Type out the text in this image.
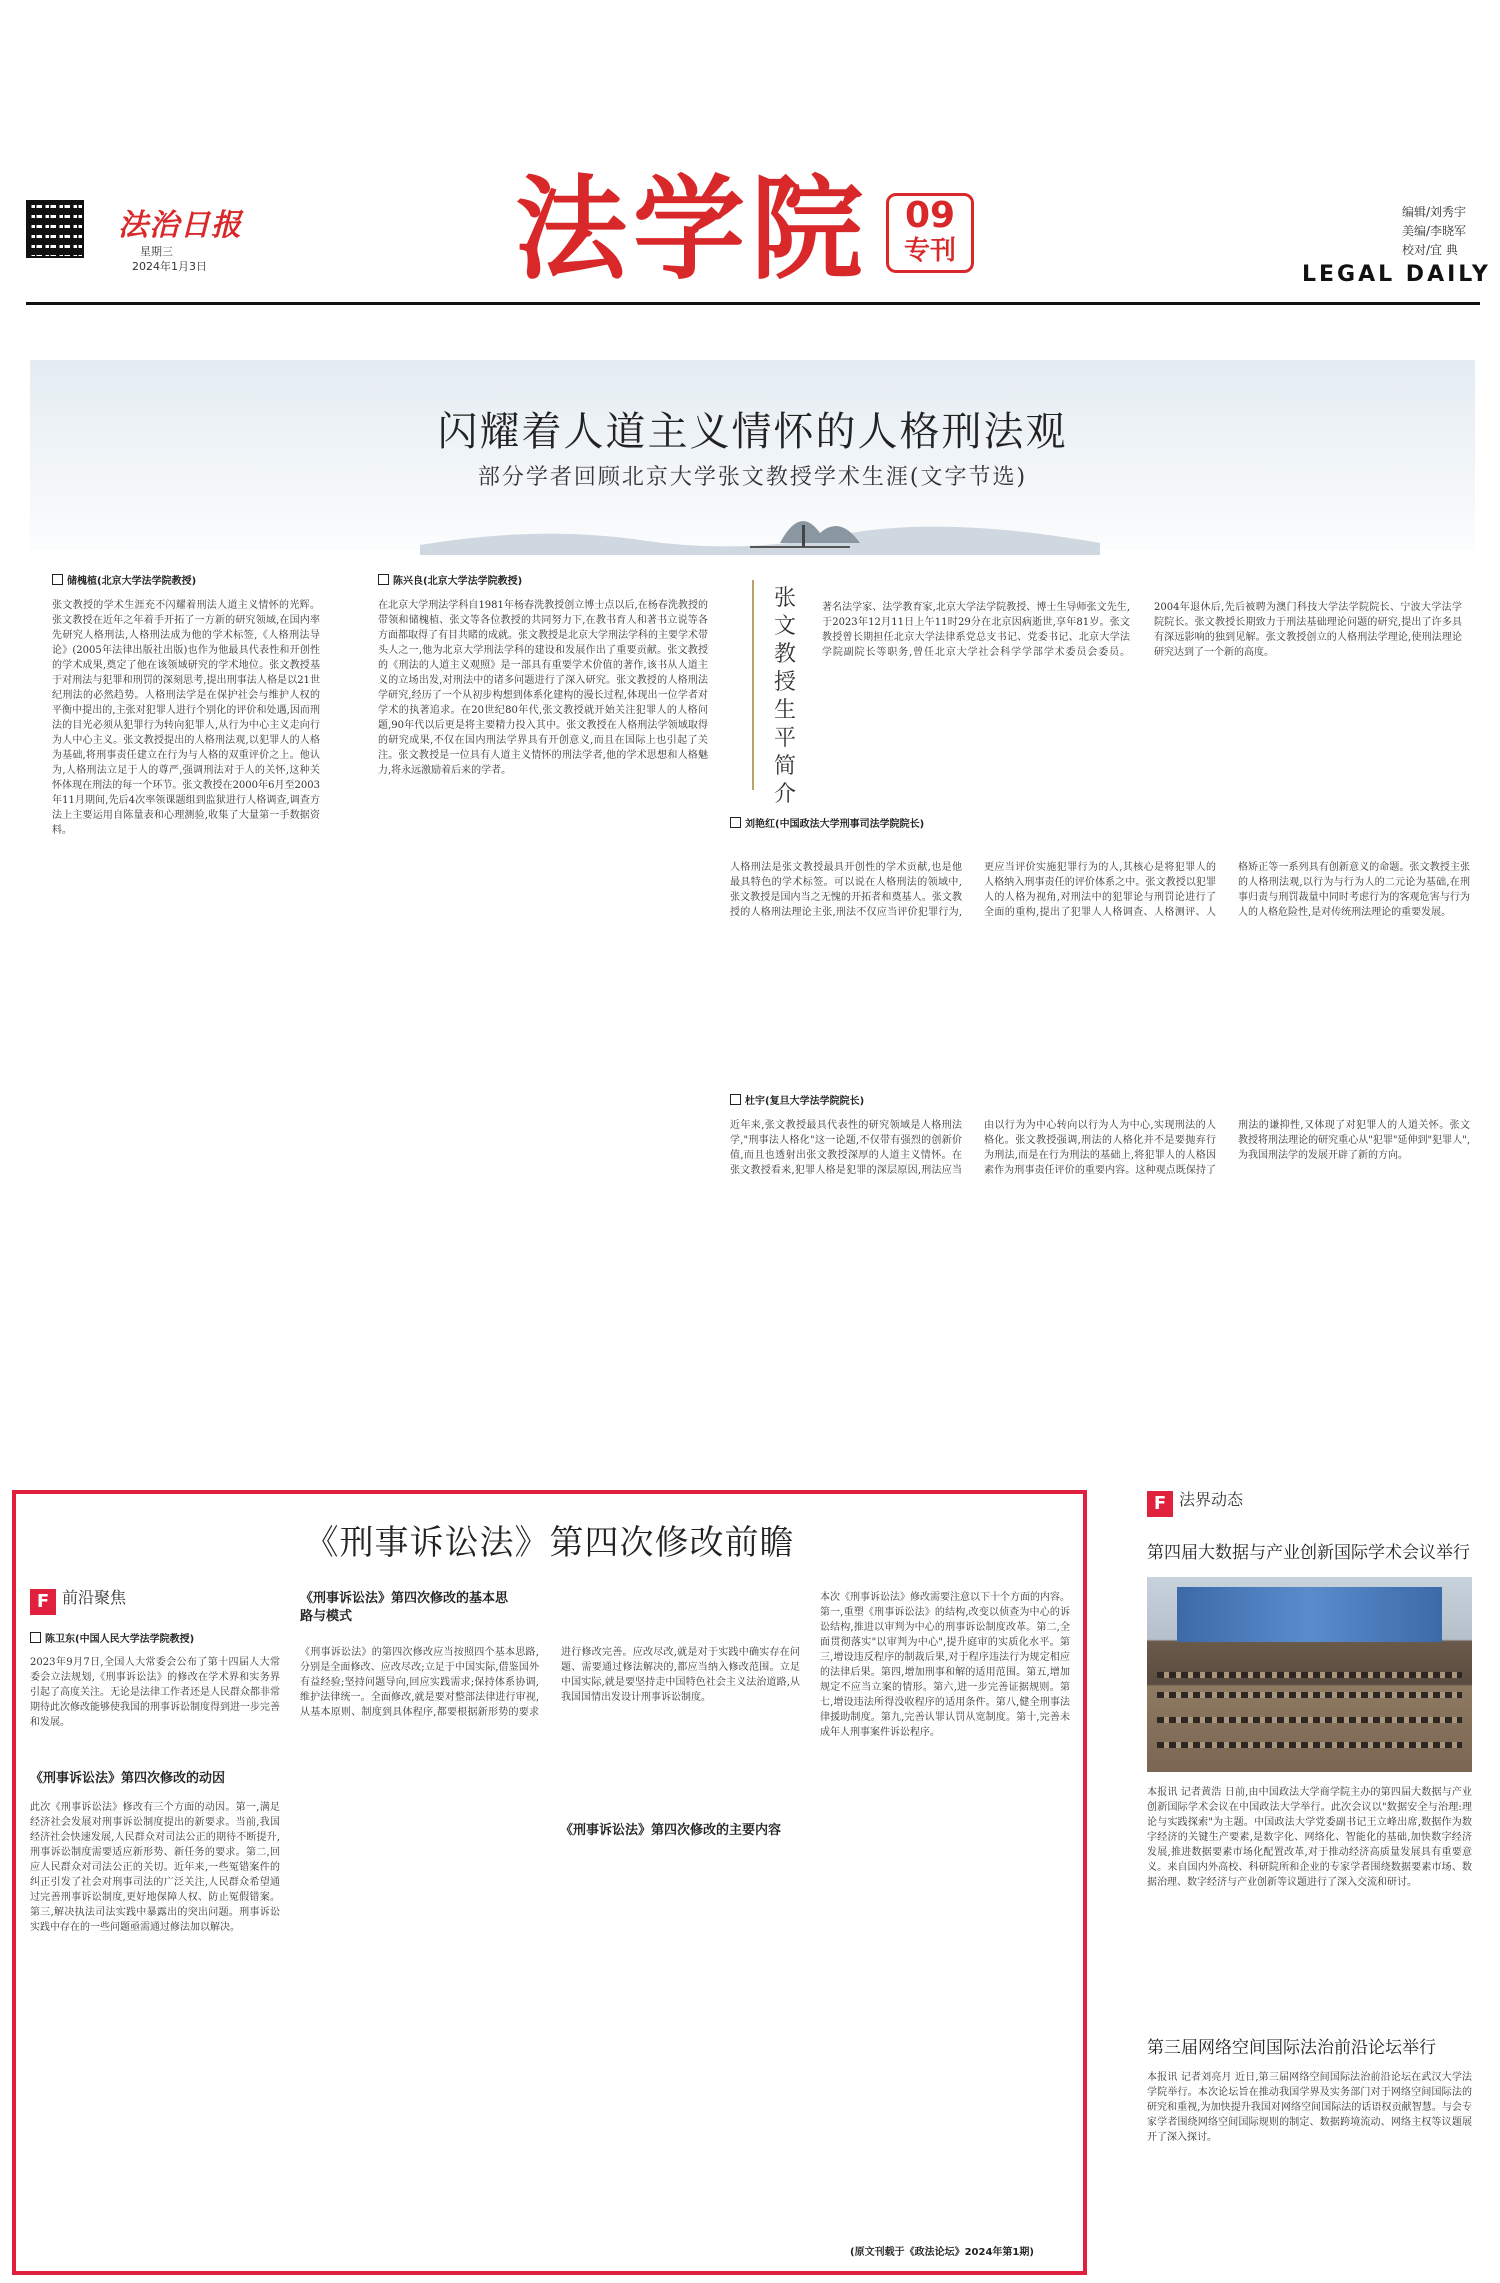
法治日报
星期三
2024年1月3日	法学院 09
专刊
编辑/刘秀宇
美编/李晓军
校对/宜 典
LEGAL DAILY
闪耀着人道主义情怀的人格刑法观
部分学者回顾北京大学张文教授学术生涯(文字节选)
储槐植(北京大学法学院教授)
张文教授的学术生涯充不闪耀着刑法人道主义情怀的光辉。张文教授在近年之年着手开拓了一方新的研究领域,在国内率先研究人格刑法,人格刑法成为他的学术标签,《人格刑法导论》(2005年法律出版社出版)也作为他最具代表性和开创性的学术成果,奠定了他在该领域研究的学术地位。张文教授基于对刑法与犯罪和刑罚的深刻思考,提出刑事法人格是以21世纪刑法的必然趋势。人格刑法学是在保护社会与维护人权的平衡中提出的,主张对犯罪人进行个别化的评价和处遇,因而刑法的目光必须从犯罪行为转向犯罪人,从行为中心主义走向行为人中心主义。张文教授提出的人格刑法观,以犯罪人的人格为基础,将刑事责任建立在行为与人格的双重评价之上。他认为,人格刑法立足于人的尊严,强调刑法对于人的关怀,这种关怀体现在刑法的每一个环节。张文教授在2000年6月至2003年11月期间,先后4次率领课题组到监狱进行人格调查,调查方法上主要运用自陈量表和心理测验,收集了大量第一手数据资料。
陈兴良(北京大学法学院教授)
在北京大学刑法学科自1981年杨春洗教授创立博士点以后,在杨春洗教授的带领和储槐植、张文等各位教授的共同努力下,在教书育人和著书立说等各方面都取得了有目共睹的成就。张文教授是北京大学刑法学科的主要学术带头人之一,他为北京大学刑法学科的建设和发展作出了重要贡献。张文教授的《刑法的人道主义观照》是一部具有重要学术价值的著作,该书从人道主义的立场出发,对刑法中的诸多问题进行了深入研究。张文教授的人格刑法学研究,经历了一个从初步构想到体系化建构的漫长过程,体现出一位学者对学术的执著追求。在20世纪80年代,张文教授就开始关注犯罪人的人格问题,90年代以后更是将主要精力投入其中。张文教授在人格刑法学领域取得的研究成果,不仅在国内刑法学界具有开创意义,而且在国际上也引起了关注。张文教授是一位具有人道主义情怀的刑法学者,他的学术思想和人格魅力,将永远激励着后来的学者。
张文教授生平简介
著名法学家、法学教育家,北京大学法学院教授、博士生导师张文先生,于2023年12月11日上午11时29分在北京因病逝世,享年81岁。张文教授曾长期担任北京大学法律系党总支书记、党委书记、北京大学法学院副院长等职务,曾任北京大学社会科学学部学术委员会委员。2004年退休后,先后被聘为澳门科技大学法学院院长、宁波大学法学院院长。张文教授长期致力于刑法基础理论问题的研究,提出了许多具有深远影响的独到见解。张文教授创立的人格刑法学理论,使刑法理论研究达到了一个新的高度。
刘艳红(中国政法大学刑事司法学院院长)
人格刑法是张文教授最具开创性的学术贡献,也是他最具特色的学术标签。可以说在人格刑法的领域中,张文教授是国内当之无愧的开拓者和奠基人。张文教授的人格刑法理论主张,刑法不仅应当评价犯罪行为,更应当评价实施犯罪行为的人,其核心是将犯罪人的人格纳入刑事责任的评价体系之中。张文教授以犯罪人的人格为视角,对刑法中的犯罪论与刑罚论进行了全面的重构,提出了犯罪人人格调查、人格测评、人格矫正等一系列具有创新意义的命题。张文教授主张的人格刑法观,以行为与行为人的二元论为基础,在刑事归责与刑罚裁量中同时考虑行为的客观危害与行为人的人格危险性,是对传统刑法理论的重要发展。
杜宇(复旦大学法学院院长)
近年来,张文教授最具代表性的研究领域是人格刑法学,"刑事法人格化"这一论题,不仅带有强烈的创新价值,而且也透射出张文教授深厚的人道主义情怀。在张文教授看来,犯罪人格是犯罪的深层原因,刑法应当由以行为为中心转向以行为人为中心,实现刑法的人格化。张文教授强调,刑法的人格化并不是要抛弃行为刑法,而是在行为刑法的基础上,将犯罪人的人格因素作为刑事责任评价的重要内容。这种观点既保持了刑法的谦抑性,又体现了对犯罪人的人道关怀。张文教授将刑法理论的研究重心从"犯罪"延伸到"犯罪人",为我国刑法学的发展开辟了新的方向。
《刑事诉讼法》第四次修改前瞻
F 前沿聚焦
陈卫东(中国人民大学法学院教授)
2023年9月7日,全国人大常委会公布了第十四届人大常委会立法规划,《刑事诉讼法》的修改在学术界和实务界引起了高度关注。无论是法律工作者还是人民群众都非常期待此次修改能够使我国的刑事诉讼制度得到进一步完善和发展。
《刑事诉讼法》第四次修改的动因
此次《刑事诉讼法》修改有三个方面的动因。第一,满足经济社会发展对刑事诉讼制度提出的新要求。当前,我国经济社会快速发展,人民群众对司法公正的期待不断提升,刑事诉讼制度需要适应新形势、新任务的要求。第二,回应人民群众对司法公正的关切。近年来,一些冤错案件的纠正引发了社会对刑事司法的广泛关注,人民群众希望通过完善刑事诉讼制度,更好地保障人权、防止冤假错案。第三,解决执法司法实践中暴露出的突出问题。刑事诉讼实践中存在的一些问题亟需通过修法加以解决。
《刑事诉讼法》第四次修改的基本思路与模式
《刑事诉讼法》的第四次修改应当按照四个基本思路,分别是全面修改、应改尽改;立足于中国实际,借鉴国外有益经验;坚持问题导向,回应实践需求;保持体系协调,维护法律统一。全面修改,就是要对整部法律进行审视,从基本原则、制度到具体程序,都要根据新形势的要求进行修改完善。应改尽改,就是对于实践中确实存在问题、需要通过修法解决的,都应当纳入修改范围。立足中国实际,就是要坚持走中国特色社会主义法治道路,从我国国情出发设计刑事诉讼制度。
《刑事诉讼法》第四次修改的主要内容
本次《刑事诉讼法》修改需要注意以下十个方面的内容。第一,重塑《刑事诉讼法》的结构,改变以侦查为中心的诉讼结构,推进以审判为中心的刑事诉讼制度改革。第二,全面贯彻落实"以审判为中心",提升庭审的实质化水平。第三,增设违反程序的制裁后果,对于程序违法行为规定相应的法律后果。第四,增加刑事和解的适用范围。第五,增加规定不应当立案的情形。第六,进一步完善证据规则。第七,增设违法所得没收程序的适用条件。第八,健全刑事法律援助制度。第九,完善认罪认罚从宽制度。第十,完善未成年人刑事案件诉讼程序。
(原文刊载于《政法论坛》2024年第1期)
F 法界动态
第四届大数据与产业创新国际学术会议举行
本报讯 记者黄浩 日前,由中国政法大学商学院主办的第四届大数据与产业创新国际学术会议在中国政法大学举行。此次会议以"数据安全与治理:理论与实践探索"为主题。中国政法大学党委副书记王立峰出席,数据作为数字经济的关键生产要素,是数字化、网络化、智能化的基础,加快数字经济发展,推进数据要素市场化配置改革,对于推动经济高质量发展具有重要意义。来自国内外高校、科研院所和企业的专家学者围绕数据要素市场、数据治理、数字经济与产业创新等议题进行了深入交流和研讨。
第三届网络空间国际法治前沿论坛举行
本报讯 记者刘亮月 近日,第三届网络空间国际法治前沿论坛在武汉大学法学院举行。本次论坛旨在推动我国学界及实务部门对于网络空间国际法的研究和重视,为加快提升我国对网络空间国际法的话语权贡献智慧。与会专家学者围绕网络空间国际规则的制定、数据跨境流动、网络主权等议题展开了深入探讨。
